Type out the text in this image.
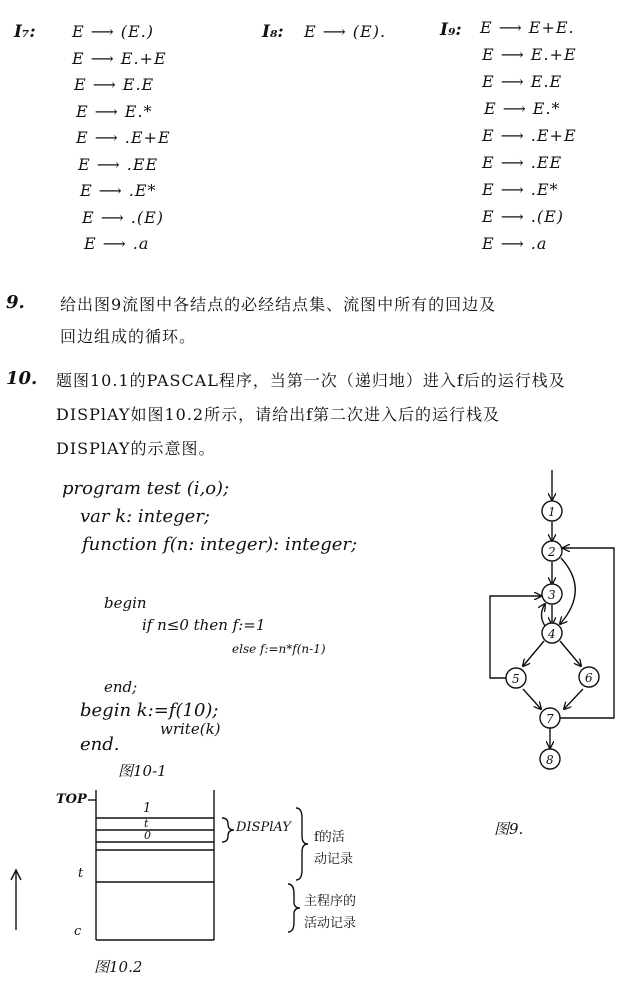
I₇: E ⟶ (E.)
E ⟶ E.+E
E ⟶ E.E
E ⟶ E.*
E ⟶ .E+E
E ⟶ .EE
E ⟶ .E*
E ⟶ .(E)
E ⟶ .a
I₈: E ⟶ (E).	I₉: E ⟶ E+E.
E ⟶ E.+E
E ⟶ E.E
E ⟶ E.*
E ⟶ .E+E
E ⟶ .EE
E ⟶ .E*
E ⟶ .(E)
E ⟶ .a
9. 给出图9流图中各结点的必经结点集、流图中所有的回边及
回边组成的循环。
10. 题图10.1的PASCAL程序，当第一次（递归地）进入f后的运行栈及
DISPlAY如图10.2所示，请给出f第二次进入后的运行栈及
DISPlAY的示意图。
program test (i,o);
var k: integer;
function f(n: integer): integer;
begin
if n≤0 then f:=1
else f:=n*f(n-1)
end;
begin k:=f(10);
write(k)
end.
图10-1
TOP
t
c
1
t
0
DISPlAY
f的活
动记录
主程序的
活动记录
图10.2
1
2
3
4
5	6
7
8
图9.
